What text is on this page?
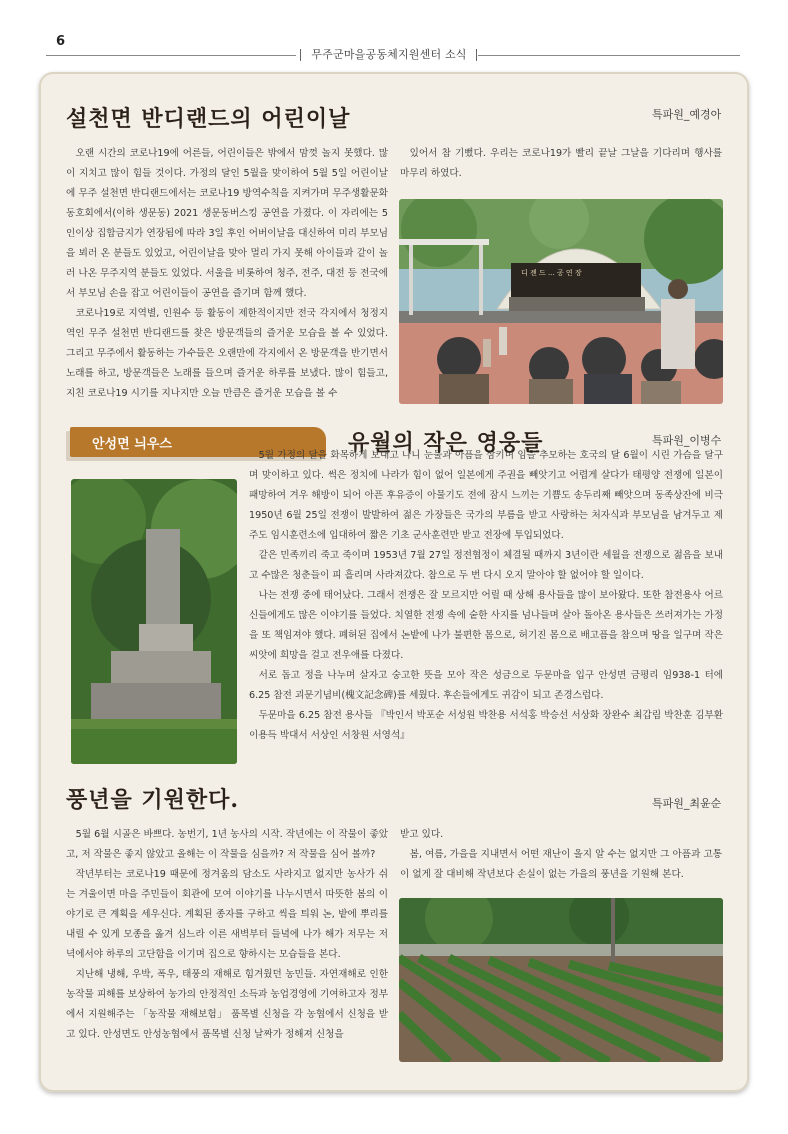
6
무주군마을공동체지원센터 소식
설천면 반디랜드의 어린이날	특파원_예경아

오랜 시간의 코로나19에 어른들, 어린이들은 밖에서 맘껏 놀지 못했다. 많이 지치고 많이 힘들 것이다. 가정의 달인 5월을 맞이하여 5월 5일 어린이날에 무주 설천면 반디랜드에서는 코로나19 방역수칙을 지켜가며 무주생활문화동호회에서(이하 생문동) 2021 생문동버스킹 공연을 가졌다. 이 자리에는 5인이상 집합금지가 연장됨에 따라 3일 후인 어버이날을 대신하여 미리 부모님을 뵈러 온 분들도 있었고, 어린이날을 맞아 멀리 가지 못해 아이들과 같이 놀러 나온 무주지역 분들도 있었다. 서울을 비롯하여 청주, 전주, 대전 등 전국에서 부모님 손을 잡고 어린이들이 공연을 즐기며 함께 했다.

코로나19로 지역별, 인원수 등 활동이 제한적이지만 전국 각지에서 청정지역인 무주 설천면 반디랜드를 찾은 방문객들의 즐거운 모습을 볼 수 있었다. 그리고 무주에서 활동하는 가수들은 오랜만에 각지에서 온 방문객을 반기면서 노래를 하고, 방문객들은 노래를 들으며 즐거운 하루를 보냈다. 많이 힘들고, 지친 코로나19 시기를 지나지만 오늘 만큼은 즐거운 모습을 볼 수

있어서 참 기뻤다. 우리는 코로나19가 빨리 끝날 그날을 기다리며 행사를 마무리 하였다.

디 젠 드 ... 공 연 장
안성면 늬우스	유월의 작은 영웅들	특파원_이병수

5월 가정의 달을 화목하게 보내고 나니 눈물과 아픔을 삼키며 임을 추모하는 호국의 달 6월이 시린 가슴을 달구며 맞이하고 있다. 썩은 정치에 나라가 힘이 없어 일본에게 주권을 빼앗기고 어렵게 살다가 태평양 전쟁에 일본이 패망하여 겨우 해방이 되어 아픈 후유증이 아물기도 전에 잠시 느끼는 기쁨도 송두리째 빼앗으며 동족상잔에 비극 1950년 6월 25일 전쟁이 발발하여 젊은 가장들은 국가의 부름을 받고 사랑하는 처자식과 부모님을 남겨두고 제주도 임시훈련소에 입대하여 짧은 기초 군사훈련만 받고 전장에 투입되었다.

같은 민족끼리 죽고 죽이며 1953년 7월 27일 정전협정이 체결될 때까지 3년이란 세월을 전쟁으로 젊음을 보내고 수많은 청춘들이 피 흘리며 사라져갔다. 참으로 두 번 다시 오지 말아야 할 없어야 할 일이다.

나는 전쟁 중에 태어났다. 그래서 전쟁은 잘 모르지만 어릴 때 상해 용사들을 많이 보아왔다. 또한 참전용사 어르신들에게도 많은 이야기를 들었다. 치열한 전쟁 속에 숱한 사지를 넘나들며 살아 돌아온 용사들은 쓰러져가는 가정을 또 책임져야 했다. 폐허된 집에서 논밭에 나가 불편한 몸으로, 허기진 몸으로 배고픔을 참으며 땅을 일구며 작은 씨앗에 희망을 걸고 전우애를 다졌다.

서로 돕고 정을 나누며 살자고 숭고한 뜻을 모아 작은 성금으로 두문마을 입구 안성면 금평리 임938-1 터에 6.25 참전 괴문기념비(槐文記念碑)를 세웠다. 후손들에게도 귀감이 되고 존경스럽다.

두문마을 6.25 참전 용사들 『박인서 박포순 서성원 박찬용 서석홍 박승선 서상화 장완수 최갑림 박찬훈 김부환 이용득 박대서 서상인 서창원 서영석』

풍년을 기원한다.	특파원_최윤순

5월 6월 시골은 바쁘다. 농번기, 1년 농사의 시작. 작년에는 이 작물이 좋았고, 저 작물은 좋지 않았고 올해는 이 작물을 심을까? 저 작물을 심어 볼까?

작년부터는 코로나19 때문에 정겨움의 담소도 사라지고 없지만 농사가 쉬는 겨울이면 마을 주민들이 회관에 모여 이야기를 나누시면서 따뜻한 봄의 이야기로 큰 계획을 세우신다. 계획된 종자를 구하고 씩을 틔워 논, 밭에 뿌리를 내릴 수 있게 모종을 옮겨 심느라 이른 새벽부터 들녘에 나가 해가 저무는 저녁에서야 하루의 고단함을 이기며 집으로 향하시는 모습들을 본다.

지난해 냉해, 우박, 폭우, 태풍의 재해로 힘겨웠던 농민들. 자연재해로 인한 농작물 피해를 보상하여 농가의 안정적인 소득과 농업경영에 기여하고자 정부에서 지원해주는 「농작물 재해보험」 품목별 신청을 각 농협에서 신청을 받고 있다. 안성면도 안성농협에서 품목별 신청 날짜가 정해져 신청을

받고 있다.

봄, 여름, 가을을 지내면서 어떤 재난이 올지 알 수는 없지만 그 아픔과 고통이 없게 잘 대비해 작년보다 손실이 없는 가을의 풍년을 기원해 본다.
